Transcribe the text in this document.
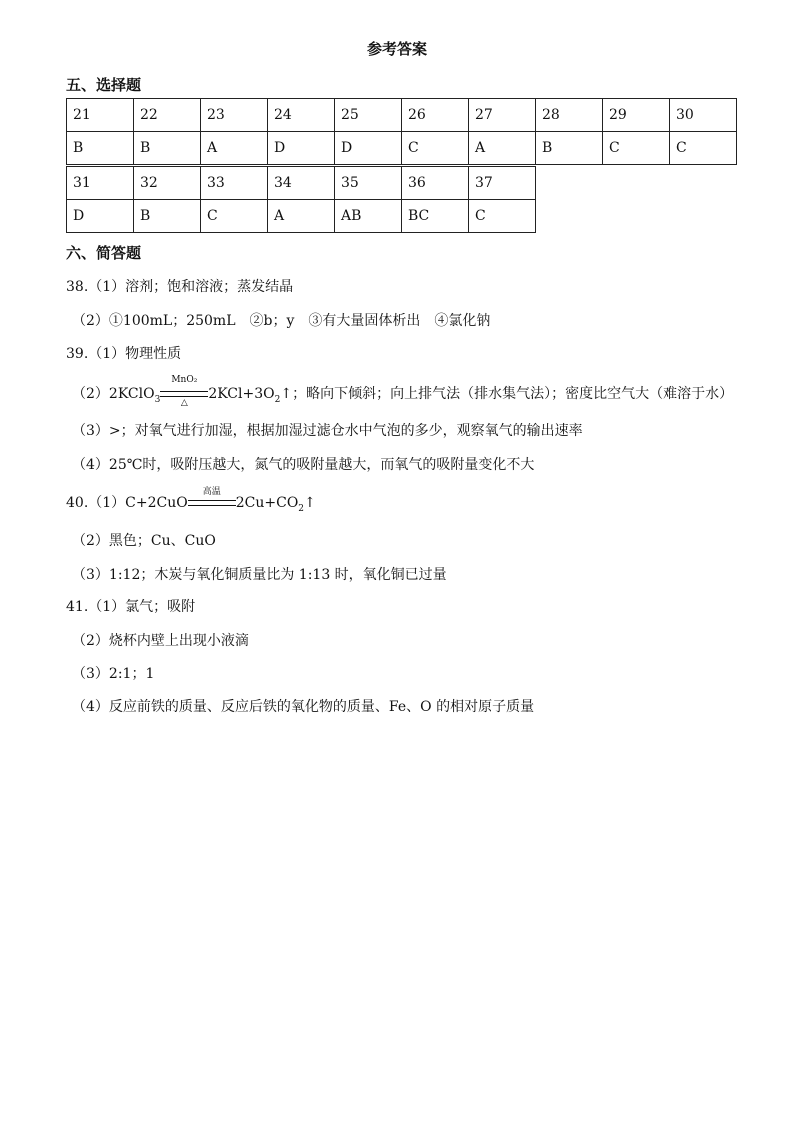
参考答案
五、选择题
21	22	23	24	25	26	27	28	29	30
B	B	A	D	D	C	A	B	C	C
31	32	33	34	35	36	37
D	B	C	A	AB	BC	C
六、简答题
38.（1）溶剂；饱和溶液；蒸发结晶
（2）①100mL；250mL　②b；y　③有大量固体析出　④氯化钠
39.（1）物理性质
（2）2KClO$_3$
MnO₂
△
$2KCl+3O_2↑$；略向下倾斜；向上排气法（排水集气法）；密度比空气大（难溶于水）
（3）>；对氧气进行加湿，根据加湿过滤仓水中气泡的多少，观察氧气的输出速率
（4）25℃时，吸附压越大，氮气的吸附量越大，而氧气的吸附量变化不大
40.（1）C+2CuO
高温
$2Cu+CO_2↑$
（2）黑色；Cu、CuO
（3）1:12；木炭与氧化铜质量比为 1:13 时，氧化铜已过量
41.（1）氯气；吸附
（2）烧杯内壁上出现小液滴
（3）2:1；1
（4）反应前铁的质量、反应后铁的氧化物的质量、Fe、O 的相对原子质量
